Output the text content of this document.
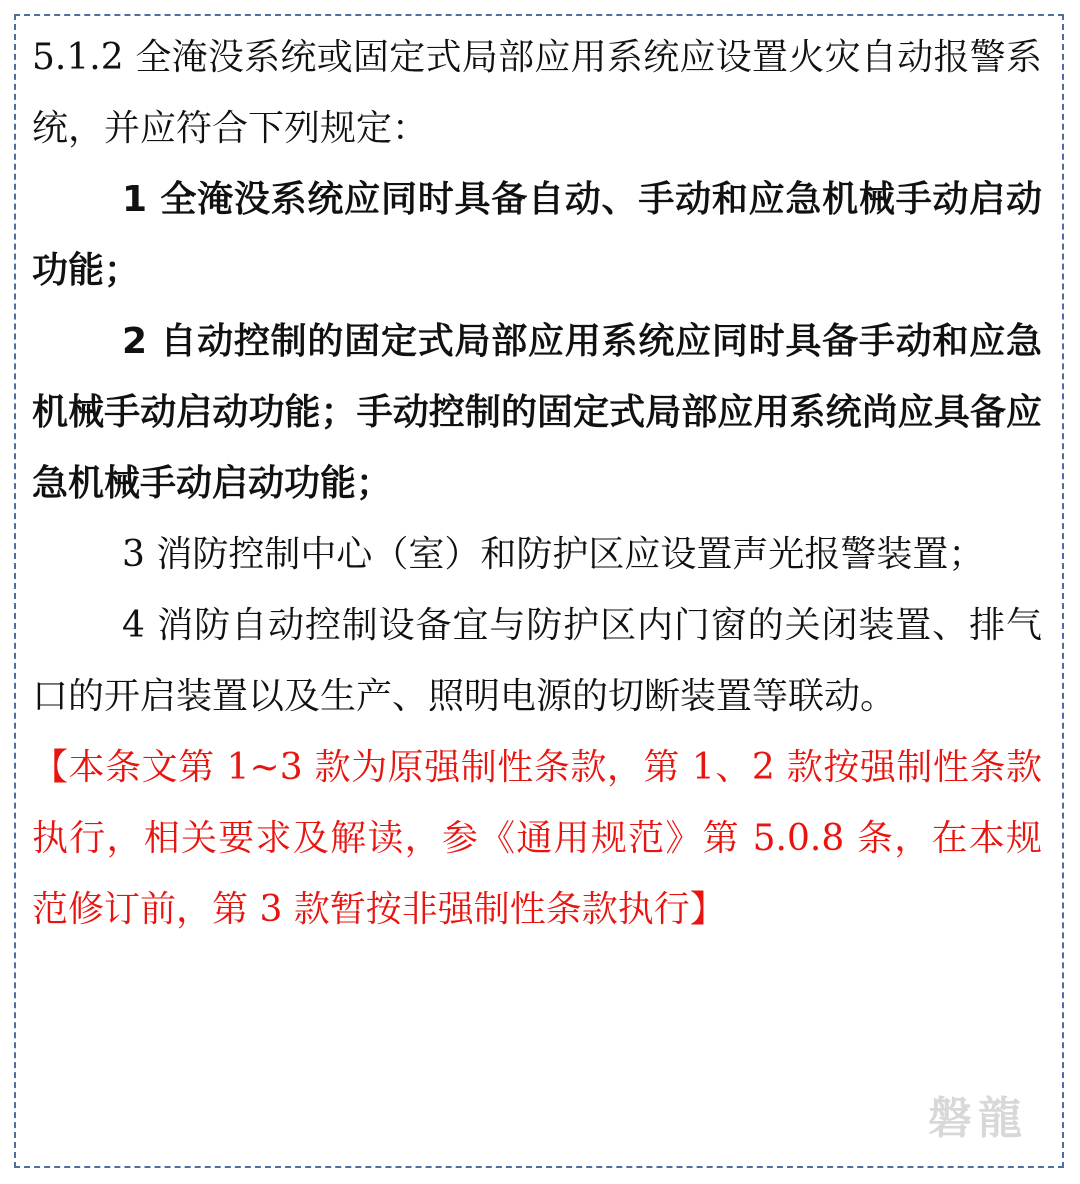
5.1.2 全淹没系统或固定式局部应用系统应设置火灾自动报警系统，并应符合下列规定：

1 全淹没系统应同时具备自动、手动和应急机械手动启动功能；

2 自动控制的固定式局部应用系统应同时具备手动和应急机械手动启动功能；手动控制的固定式局部应用系统尚应具备应急机械手动启动功能；

3 消防控制中心（室）和防护区应设置声光报警装置；

4 消防自动控制设备宜与防护区内门窗的关闭装置、排气口的开启装置以及生产、照明电源的切断装置等联动。

【本条文第 1~3 款为原强制性条款，第 1、2 款按强制性条款执行，相关要求及解读，参《通用规范》第 5.0.8 条，在本规范修订前，第 3 款暂按非强制性条款执行】

磐龍
